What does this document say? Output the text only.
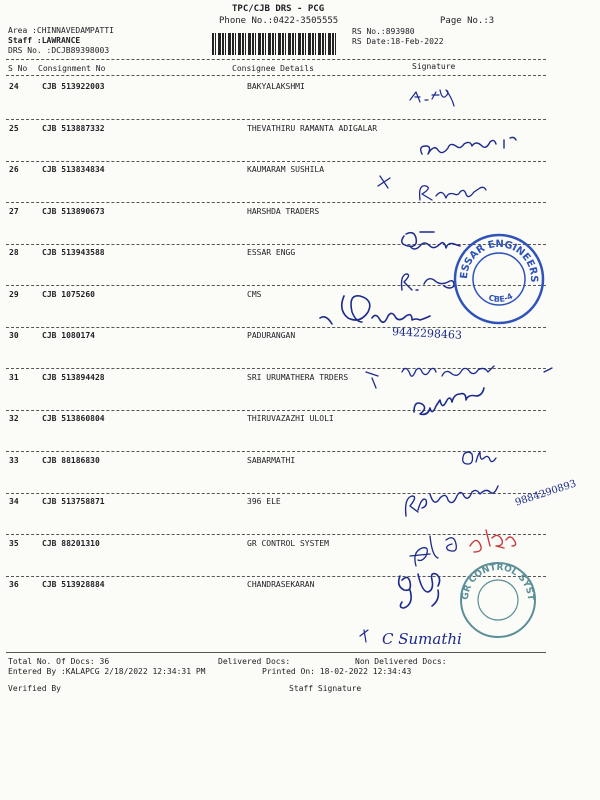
TPC/CJB DRS - PCG
Phone No.:0422-3505555	Page No.:3
Area :CHINNAVEDAMPATTI
Staff :LAWRANCE
DRS No. :DCJB89398003
RS No.:893980
RS Date:18-Feb-2022
S No Consignment No	Consignee Details	Signature
24	CJB 513922003	BAKYALAKSHMI
25	CJB 513887332	THEVATHIRU RAMANTA ADIGALAR
26	CJB 513834834	KAUMARAM SUSHILA
27	CJB 513890673	HARSHDA TRADERS
28	CJB 513943588	ESSAR ENGG
29	CJB 1075260	CMS
30	CJB 1080174	PADURANGAN
31	CJB 513894428	SRI URUMATHERA TRDERS
32	CJB 513860804	THIRUVAZAZHI ULOLI
33	CJB 88186830	SABARMATHI
34	CJB 513758871	396 ELE
35	CJB 88201310	GR CONTROL SYSTEM
36	CJB 513928884	CHANDRASEKARAN
9442298463
9884290893
C Sumathi
ESSAR ENGINEERS
CBE-4
GR CONTROL SYSTEMS
Total No. Of Docs: 36	Delivered Docs:	Non Delivered Docs:
Entered By :KALAPCG 2/18/2022 12:34:31 PM	Printed On: 18-02-2022 12:34:43
Verified By	Staff Signature
